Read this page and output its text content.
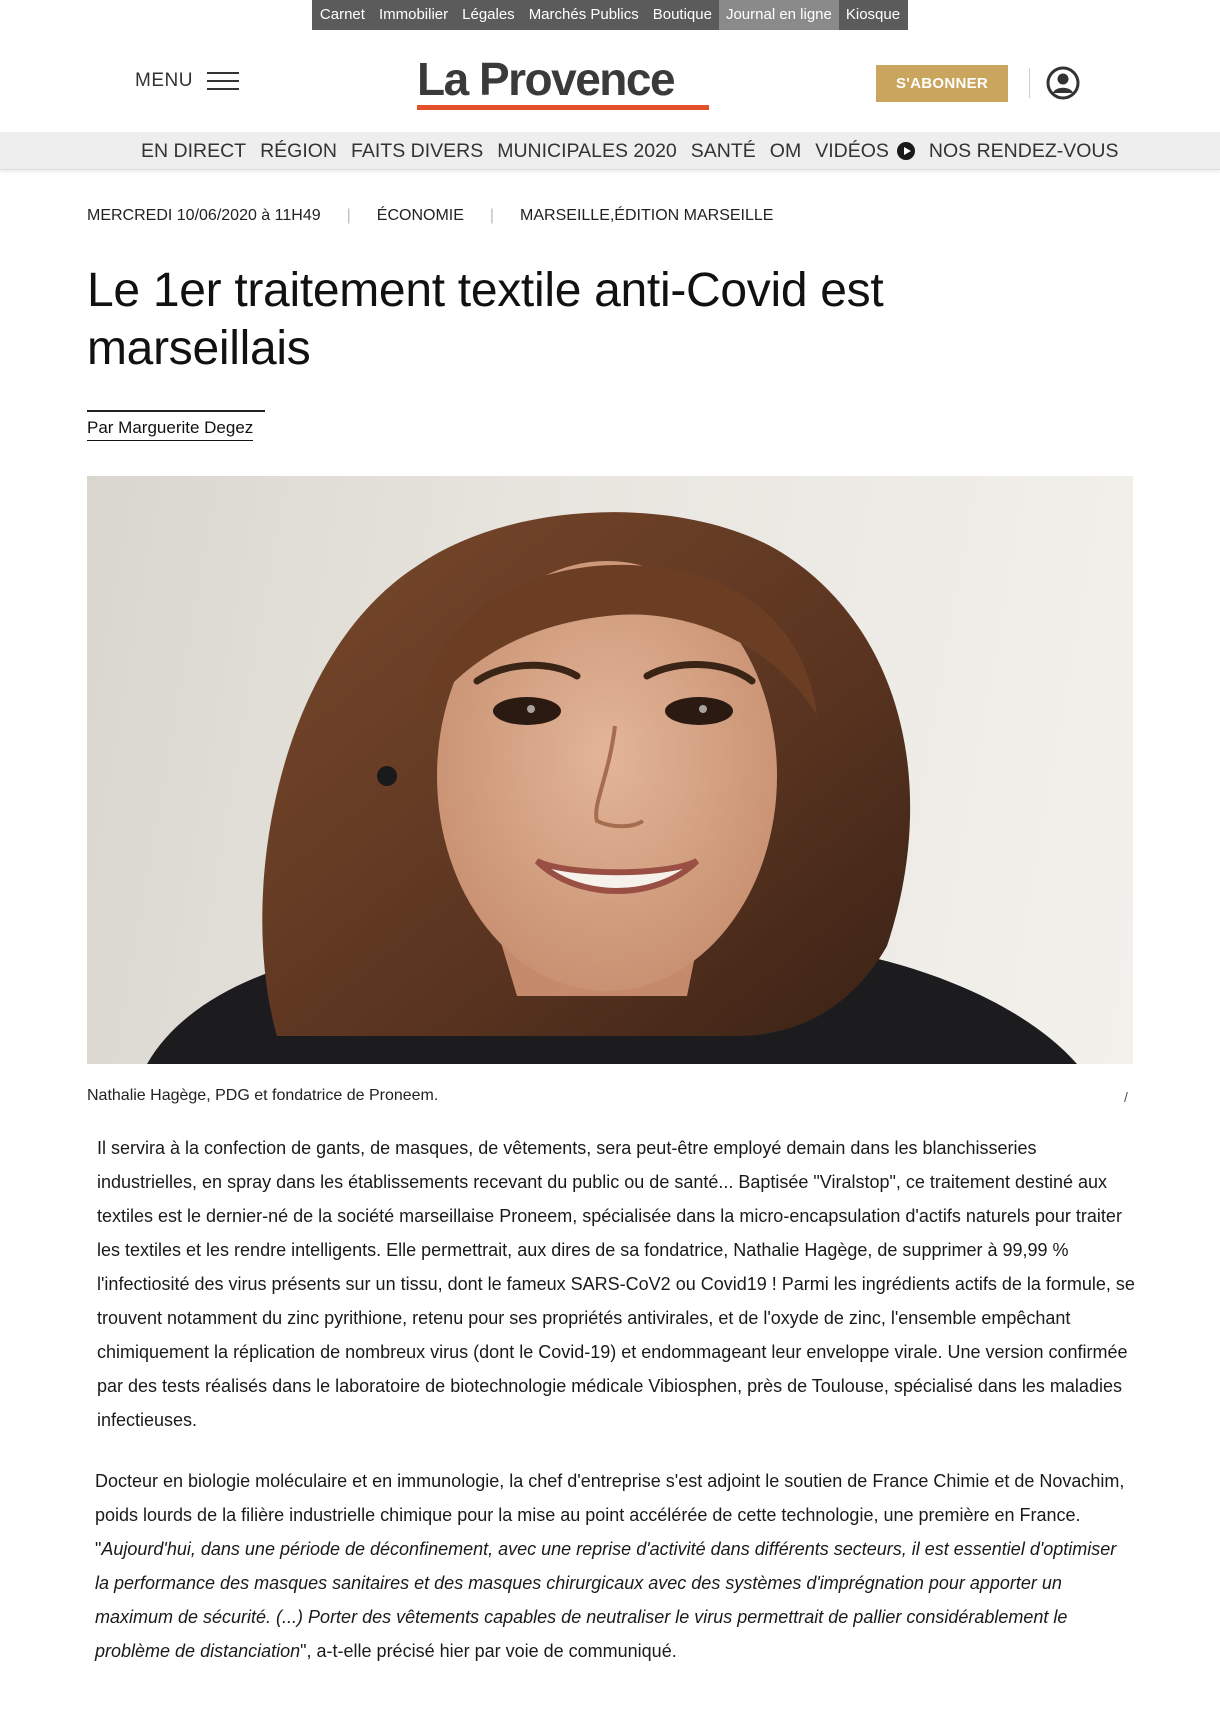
Carnet Immobilier Légales Marchés Publics Boutique Journal en ligne Kiosque
MENU	La Provence	S'ABONNER
EN DIRECT RÉGION FAITS DIVERS MUNICIPALES 2020 SANTÉ OM VIDÉOS NOS RENDEZ-VOUS
MERCREDI 10/06/2020 à 11H49 | ÉCONOMIE | MARSEILLE,ÉDITION MARSEILLE
Le 1er traitement textile anti-Covid est marseillais
Par Marguerite Degez
Nathalie Hagège, PDG et fondatrice de Proneem.	/

Il servira à la confection de gants, de masques, de vêtements, sera peut-être employé demain dans les blanchisseries industrielles, en spray dans les établissements recevant du public ou de santé... Baptisée "Viralstop", ce traitement destiné aux textiles est le dernier-né de la société marseillaise Proneem, spécialisée dans la micro-encapsulation d'actifs naturels pour traiter les textiles et les rendre intelligents. Elle permettrait, aux dires de sa fondatrice, Nathalie Hagège, de supprimer à 99,99 % l'infectiosité des virus présents sur un tissu, dont le fameux SARS-CoV2 ou Covid19 ! Parmi les ingrédients actifs de la formule, se trouvent notamment du zinc pyrithione, retenu pour ses propriétés antivirales, et de l'oxyde de zinc, l'ensemble empêchant chimiquement la réplication de nombreux virus (dont le Covid-19) et endommageant leur enveloppe virale. Une version confirmée par des tests réalisés dans le laboratoire de biotechnologie médicale Vibiosphen, près de Toulouse, spécialisé dans les maladies infectieuses.

Docteur en biologie moléculaire et en immunologie, la chef d'entreprise s'est adjoint le soutien de France Chimie et de Novachim, poids lourds de la filière industrielle chimique pour la mise au point accélérée de cette technologie, une première en France. "Aujourd'hui, dans une période de déconfinement, avec une reprise d'activité dans différents secteurs, il est essentiel d'optimiser la performance des masques sanitaires et des masques chirurgicaux avec des systèmes d'imprégnation pour apporter un maximum de sécurité. (...) Porter des vêtements capables de neutraliser le virus permettrait de pallier considérablement le problème de distanciation", a-t-elle précisé hier par voie de communiqué.
